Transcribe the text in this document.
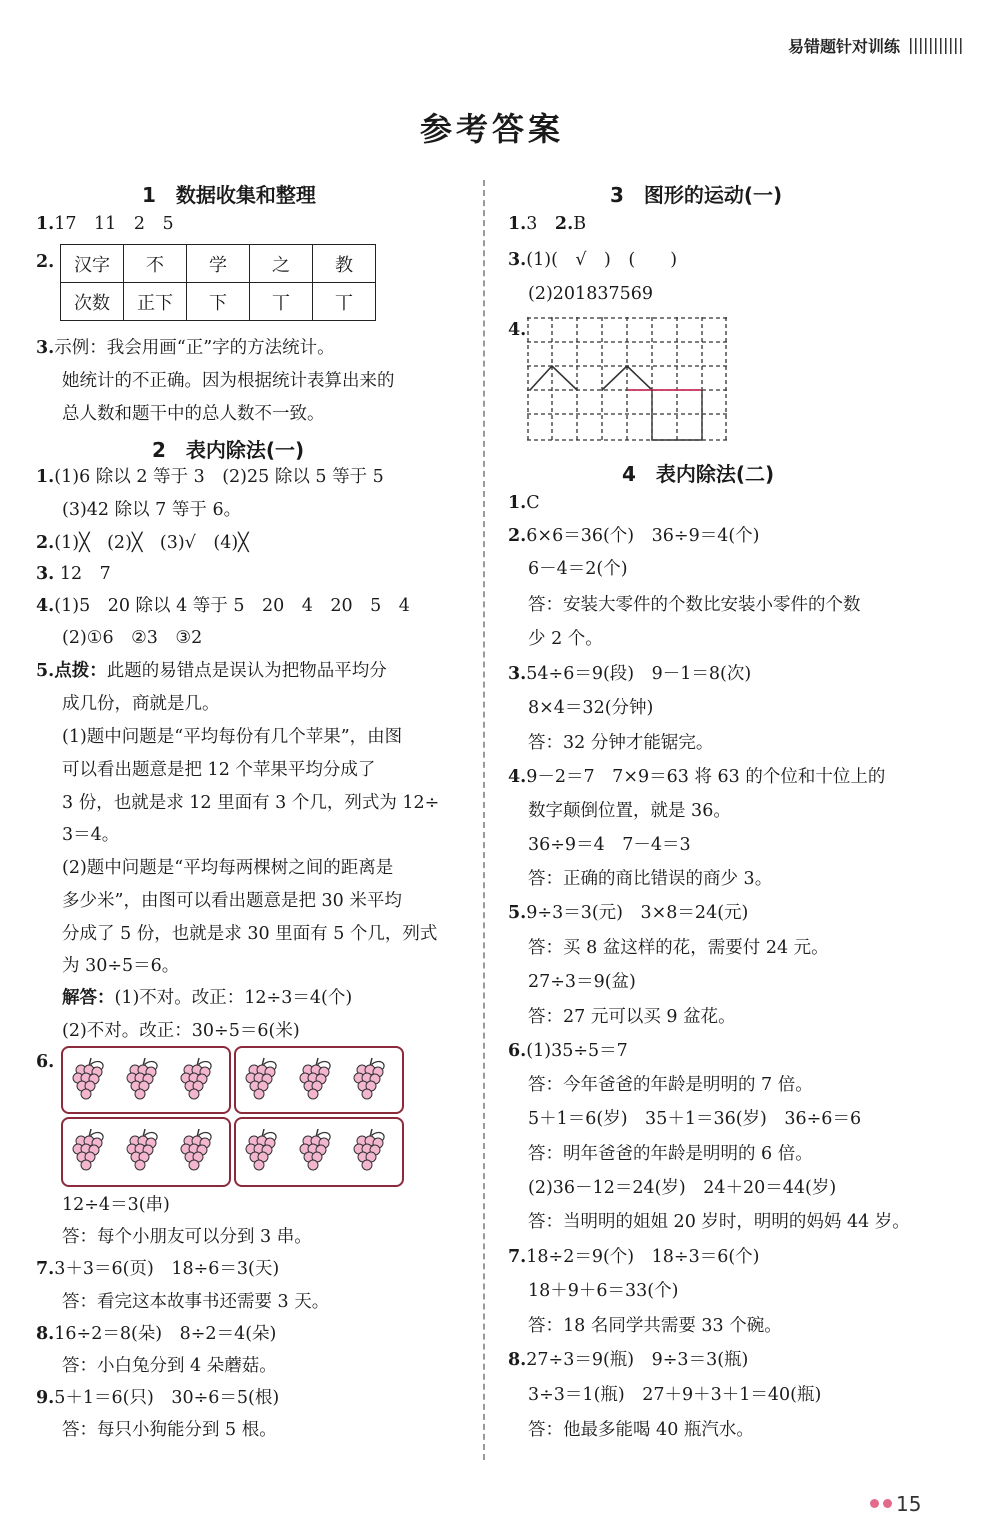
易错题针对训练
参考答案
1　数据收集和整理
1.17　11　2　5
2. 汉字	不	学	之	教
次数	正下	下	丅	丅
3.示例：我会用画“正”字的方法统计。
她统计的不正确。因为根据统计表算出来的
总人数和题干中的总人数不一致。
2　表内除法(一)
1.(1)6 除以 2 等于 3　(2)25 除以 5 等于 5
(3)42 除以 7 等于 6。
2.(1)╳　(2)╳　(3)√　(4)╳
3. 12　7
4.(1)5　20 除以 4 等于 5　20　4　20　5　4
(2)①6　②3　③2
5.点拨：此题的易错点是误认为把物品平均分
成几份，商就是几。
(1)题中问题是“平均每份有几个苹果”，由图
可以看出题意是把 12 个苹果平均分成了
3 份，也就是求 12 里面有 3 个几，列式为 12÷
3＝4。
(2)题中问题是“平均每两棵树之间的距离是
多少米”，由图可以看出题意是把 30 米平均
分成了 5 份，也就是求 30 里面有 5 个几，列式
为 30÷5＝6。
解答：(1)不对。改正：12÷3＝4(个)
(2)不对。改正：30÷5＝6(米)
6.
12÷4＝3(串)
答：每个小朋友可以分到 3 串。
7.3＋3＝6(页)　18÷6＝3(天)
答：看完这本故事书还需要 3 天。
8.16÷2＝8(朵)　8÷2＝4(朵)
答：小白兔分到 4 朵蘑菇。
9.5＋1＝6(只)　30÷6＝5(根)
答：每只小狗能分到 5 根。
3　图形的运动(一)
1.3　2.B
3.(1)(　√　)　(　　)
(2)201837569
4.
4　表内除法(二)
1.C
2.6×6＝36(个)　36÷9＝4(个)
6－4＝2(个)
答：安装大零件的个数比安装小零件的个数
少 2 个。
3.54÷6＝9(段)　9－1＝8(次)
8×4＝32(分钟)
答：32 分钟才能锯完。
4.9－2＝7　7×9＝63 将 63 的个位和十位上的
数字颠倒位置，就是 36。
36÷9＝4　7－4＝3
答：正确的商比错误的商少 3。
5.9÷3＝3(元)　3×8＝24(元)
答：买 8 盆这样的花，需要付 24 元。
27÷3＝9(盆)
答：27 元可以买 9 盆花。
6.(1)35÷5＝7
答：今年爸爸的年龄是明明的 7 倍。
5＋1＝6(岁)　35＋1＝36(岁)　36÷6＝6
答：明年爸爸的年龄是明明的 6 倍。
(2)36－12＝24(岁)　24＋20＝44(岁)
答：当明明的姐姐 20 岁时，明明的妈妈 44 岁。
7.18÷2＝9(个)　18÷3＝6(个)
18＋9＋6＝33(个)
答：18 名同学共需要 33 个碗。
8.27÷3＝9(瓶)　9÷3＝3(瓶)
3÷3＝1(瓶)　27＋9＋3＋1＝40(瓶)
答：他最多能喝 40 瓶汽水。
15
